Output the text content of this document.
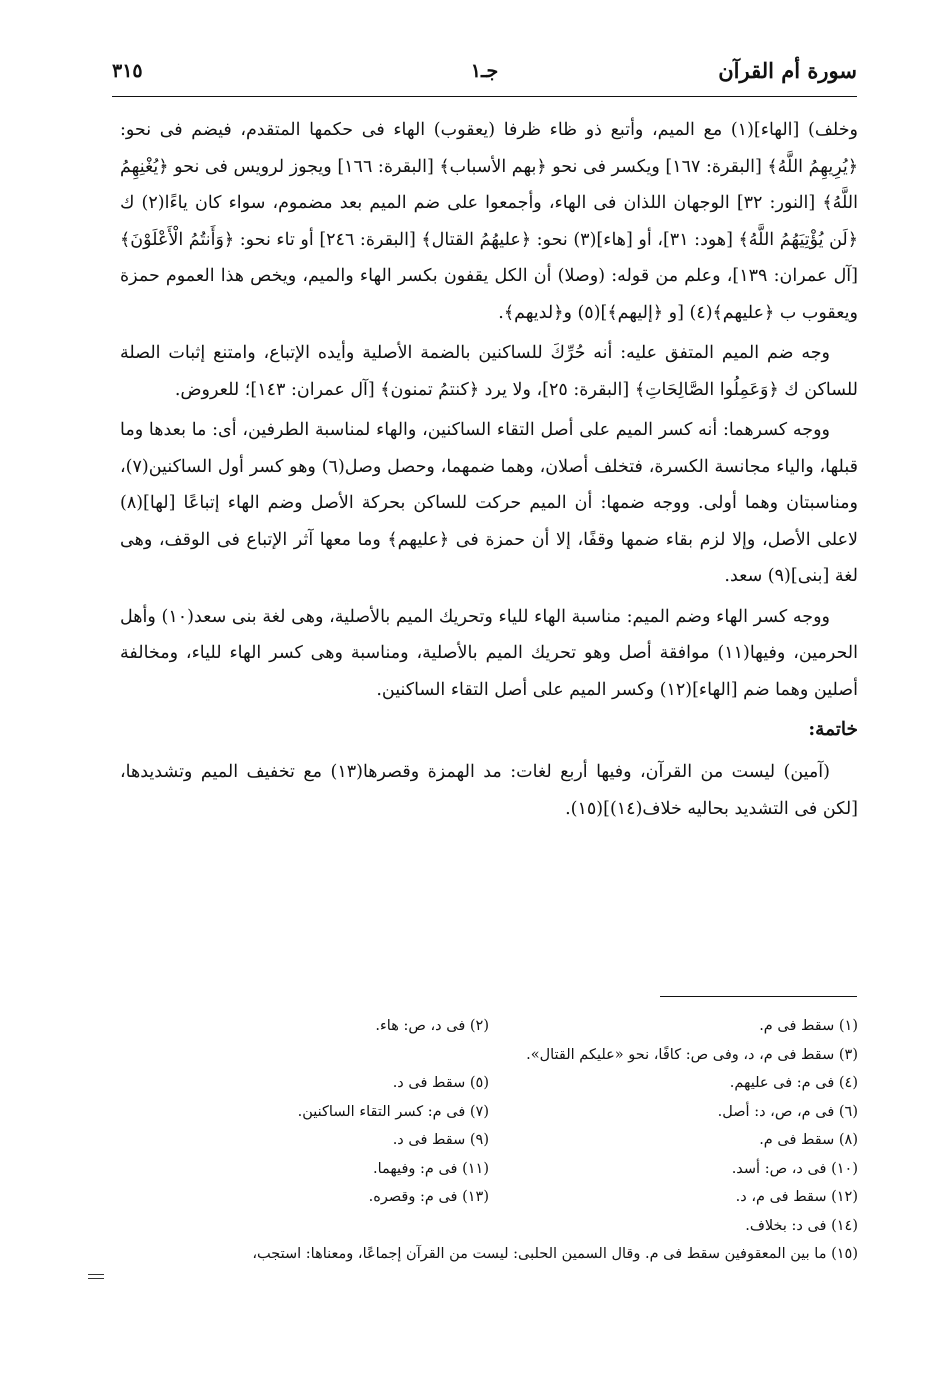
سورة أم القرآن
جـ١
٣١٥

وخلف) [الهاء](١) مع الميم، وأتبع ذو ظاء ظرفا (يعقوب) الهاء فى حكمها المتقدم، فيضم فى نحو: ﴿يُرِيهِمُ اللَّهُ﴾ [البقرة: ١٦٧] ويكسر فى نحو ﴿بهم الأسباب﴾ [البقرة: ١٦٦] ويجوز لرويس فى نحو ﴿يُغْنِهِمُ اللَّهُ﴾ [النور: ٣٢] الوجهان اللذان فى الهاء، وأجمعوا على ضم الميم بعد مضموم، سواء كان ياءًا(٢) ك ﴿لَن يُؤْتِيَهُمُ اللَّهُ﴾ [هود: ٣١]، أو [هاء](٣) نحو: ﴿عليهُمُ القتال﴾ [البقرة: ٢٤٦] أو تاء نحو: ﴿وَأَنتُمُ الْأَعْلَوْنَ﴾ [آل عمران: ١٣٩]، وعلم من قوله: (وصلا) أن الكل يقفون بكسر الهاء والميم، ويخص هذا العموم حمزة ويعقوب ب ﴿عليهم﴾(٤) [و ﴿إليهم﴾](٥) و﴿لديهم﴾.

وجه ضم الميم المتفق عليه: أنه حُرِّكَ للساكنين بالضمة الأصلية وأيده الإتباع، وامتنع إثبات الصلة للساكن ك ﴿وَعَمِلُوا الصَّالِحَاتِ﴾ [البقرة: ٢٥]، ولا يرد ﴿كنتمُ تمنون﴾ [آل عمران: ١٤٣]؛ للعروض.

ووجه كسرهما: أنه كسر الميم على أصل التقاء الساكنين، والهاء لمناسبة الطرفين، أى: ما بعدها وما قبلها، والياء مجانسة الكسرة، فتخلف أصلان، وهما ضمهما، وحصل وصل(٦) وهو كسر أول الساكنين(٧)، ومناسبتان وهما أولى. ووجه ضمها: أن الميم حركت للساكن بحركة الأصل وضم الهاء إتباعًا [لها](٨) لاعلى الأصل، وإلا لزم بقاء ضمها وقفًا، إلا أن حمزة فى ﴿عليهم﴾ وما معها آثر الإتباع فى الوقف، وهى لغة [بنى](٩) سعد.

ووجه كسر الهاء وضم الميم: مناسبة الهاء للياء وتحريك الميم بالأصلية، وهى لغة بنى سعد(١٠) وأهل الحرمين، وفيها(١١) موافقة أصل وهو تحريك الميم بالأصلية، ومناسبة وهى كسر الهاء للياء، ومخالفة أصلين وهما ضم [الهاء](١٢) وكسر الميم على أصل التقاء الساكنين.

خاتمة:

(آمين) ليست من القرآن، وفيها أربع لغات: مد الهمزة وقصرها(١٣) مع تخفيف الميم وتشديدها، [لكن فى التشديد بحاليه خلاف(١٤)](١٥).

(١) سقط فى م.
(٢) فى د، ص: هاء.
(٣) سقط فى م، د، وفى ص: كافًا، نحو «عليكم القتال».
(٤) فى م: فى عليهم.
(٥) سقط فى د.
(٦) فى م، ص، د: أصل.
(٧) فى م: كسر التقاء الساكنين.
(٨) سقط فى م.
(٩) سقط فى د.
(١٠) فى د، ص: أسد.
(١١) فى م: وفيهما.
(١٢) سقط فى م، د.
(١٣) فى م: وقصره.
(١٤) فى د: بخلاف.
(١٥) ما بين المعقوفين سقط فى م. وقال السمين الحلبى: ليست من القرآن إجماعًا، ومعناها: استجب،
